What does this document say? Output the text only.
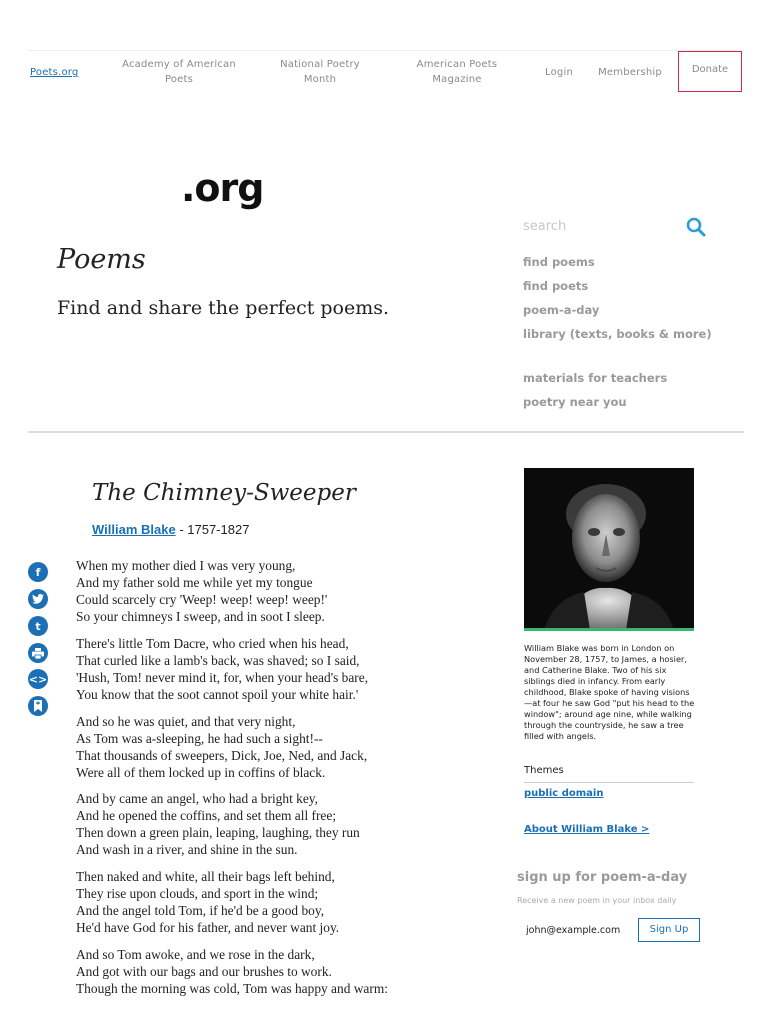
Poets.org
Academy of American Poets
National Poetry Month
American Poets Magazine
Login	Membership	Donate
.org
Poems
Find and share the perfect poems.
search
find poems
find poets
poem-a-day
library (texts, books & more)
materials for teachers
poetry near you
The Chimney-Sweeper
William Blake - 1757-1827
When my mother died I was very young,
And my father sold me while yet my tongue
Could scarcely cry 'Weep! weep! weep! weep!'
So your chimneys I sweep, and in soot I sleep.
There's little Tom Dacre, who cried when his head,
That curled like a lamb's back, was shaved; so I said,
'Hush, Tom! never mind it, for, when your head's bare,
You know that the soot cannot spoil your white hair.'
And so he was quiet, and that very night,
As Tom was a-sleeping, he had such a sight!--
That thousands of sweepers, Dick, Joe, Ned, and Jack,
Were all of them locked up in coffins of black.
And by came an angel, who had a bright key,
And he opened the coffins, and set them all free;
Then down a green plain, leaping, laughing, they run
And wash in a river, and shine in the sun.
Then naked and white, all their bags left behind,
They rise upon clouds, and sport in the wind;
And the angel told Tom, if he'd be a good boy,
He'd have God for his father, and never want joy.
And so Tom awoke, and we rose in the dark,
And got with our bags and our brushes to work.
Though the morning was cold, Tom was happy and warm:
f
t
<>
William Blake was born in London on November 28, 1757, to James, a hosier, and Catherine Blake. Two of his six siblings died in infancy. From early childhood, Blake spoke of having visions—at four he saw God "put his head to the window"; around age nine, while walking through the countryside, he saw a tree filled with angels.
Themes
public domain
About William Blake >
sign up for poem-a-day
Receive a new poem in your inbox daily
john@example.com
Sign Up
